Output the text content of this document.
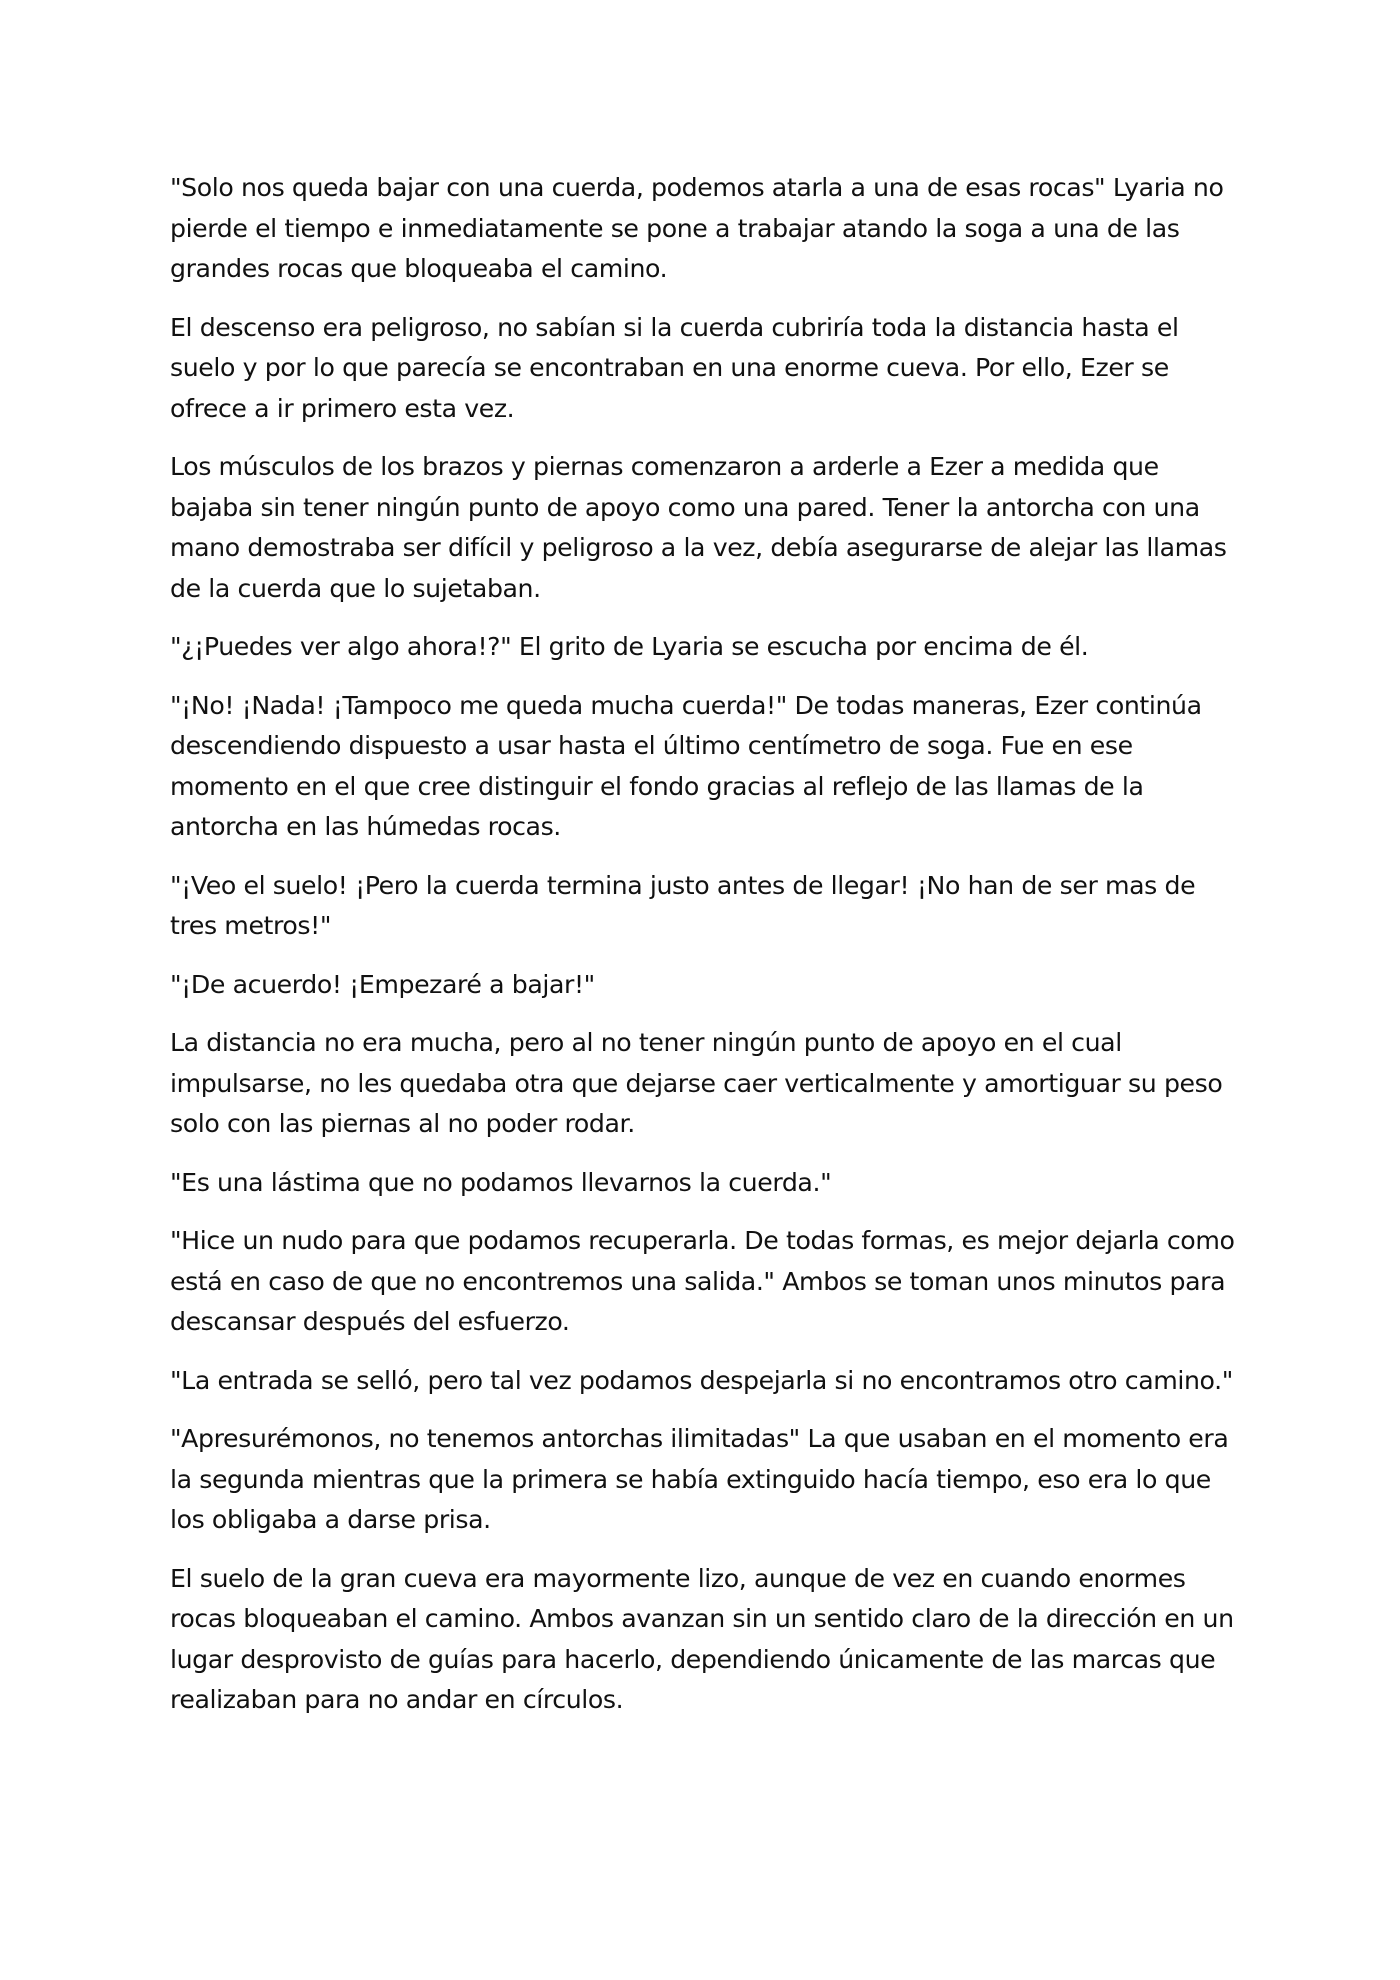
"Solo nos queda bajar con una cuerda, podemos atarla a una de esas rocas" Lyaria no pierde el tiempo e inmediatamente se pone a trabajar atando la soga a una de las grandes rocas que bloqueaba el camino.

El descenso era peligroso, no sabían si la cuerda cubriría toda la distancia hasta el suelo y por lo que parecía se encontraban en una enorme cueva. Por ello, Ezer se ofrece a ir primero esta vez.

Los músculos de los brazos y piernas comenzaron a arderle a Ezer a medida que bajaba sin tener ningún punto de apoyo como una pared. Tener la antorcha con una mano demostraba ser difícil y peligroso a la vez, debía asegurarse de alejar las llamas de la cuerda que lo sujetaban.

"¿¡Puedes ver algo ahora!?" El grito de Lyaria se escucha por encima de él.

"¡No! ¡Nada! ¡Tampoco me queda mucha cuerda!" De todas maneras, Ezer continúa descendiendo dispuesto a usar hasta el último centímetro de soga. Fue en ese momento en el que cree distinguir el fondo gracias al reflejo de las llamas de la antorcha en las húmedas rocas.

"¡Veo el suelo! ¡Pero la cuerda termina justo antes de llegar! ¡No han de ser mas de tres metros!"

"¡De acuerdo! ¡Empezaré a bajar!"

La distancia no era mucha, pero al no tener ningún punto de apoyo en el cual impulsarse, no les quedaba otra que dejarse caer verticalmente y amortiguar su peso solo con las piernas al no poder rodar.

"Es una lástima que no podamos llevarnos la cuerda."

"Hice un nudo para que podamos recuperarla. De todas formas, es mejor dejarla como está en caso de que no encontremos una salida." Ambos se toman unos minutos para descansar después del esfuerzo.

"La entrada se selló, pero tal vez podamos despejarla si no encontramos otro camino."

"Apresurémonos, no tenemos antorchas ilimitadas" La que usaban en el momento era la segunda mientras que la primera se había extinguido hacía tiempo, eso era lo que los obligaba a darse prisa.

El suelo de la gran cueva era mayormente lizo, aunque de vez en cuando enormes rocas bloqueaban el camino. Ambos avanzan sin un sentido claro de la dirección en un lugar desprovisto de guías para hacerlo, dependiendo únicamente de las marcas que realizaban para no andar en círculos.
